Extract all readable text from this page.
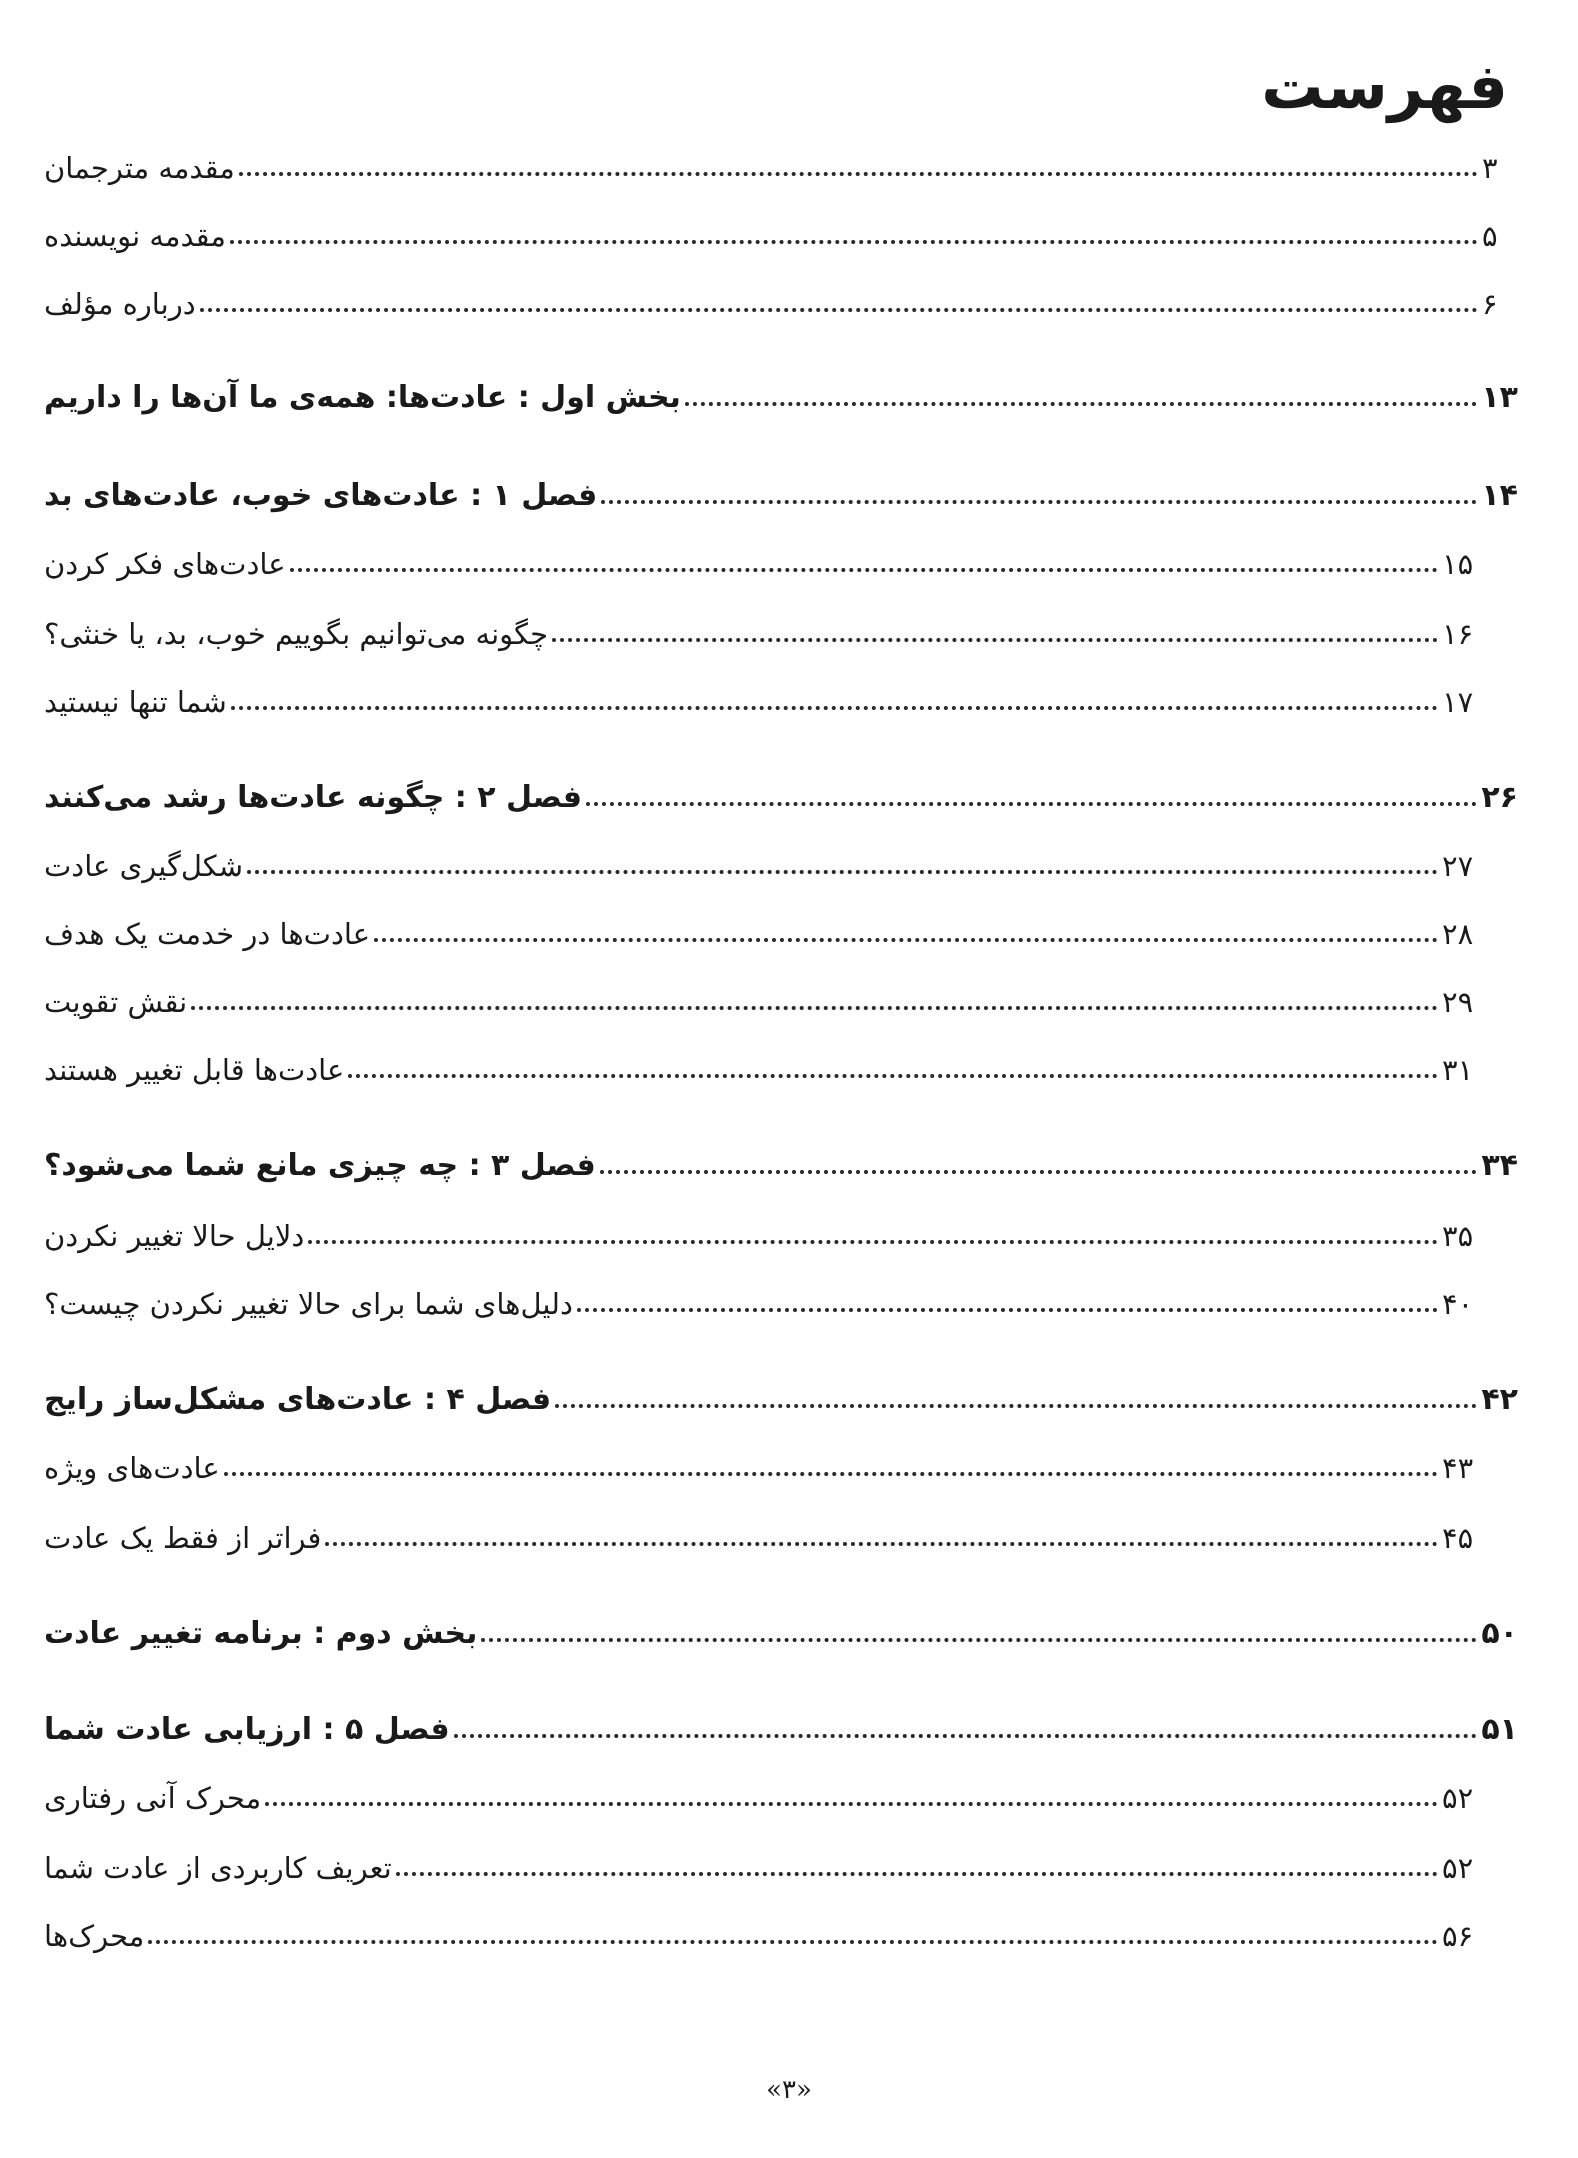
فهرست
مقدمه مترجمان	۳
مقدمه نویسنده	۵
درباره مؤلف	۶
بخش اول : عادت‌ها: همه‌ی ما آن‌ها را داریم	۱۳
فصل ۱ : عادت‌های خوب، عادت‌های بد	۱۴
عادت‌های فکر کردن	۱۵
چگونه می‌توانیم بگوییم خوب، بد، یا خنثی؟	۱۶
شما تنها نیستید	۱۷
فصل ۲ : چگونه عادت‌ها رشد می‌کنند	۲۶
شکل‌گیری عادت	۲۷
عادت‌ها در خدمت یک هدف	۲۸
نقش تقویت	۲۹
عادت‌ها قابل تغییر هستند	۳۱
فصل ۳ : چه چیزی مانع شما می‌شود؟	۳۴
دلایل حالا تغییر نکردن	۳۵
دلیل‌های شما برای حالا تغییر نکردن چیست؟	۴۰
فصل ۴ : عادت‌های مشکل‌ساز رایج	۴۲
عادت‌های ویژه	۴۳
فراتر از فقط یک عادت	۴۵
بخش دوم : برنامه تغییر عادت	۵۰
فصل ۵ : ارزیابی عادت شما	۵۱
محرک آنی رفتاری	۵۲
تعریف کاربردی از عادت شما	۵۲
محرک‌ها	۵۶
«۳»
